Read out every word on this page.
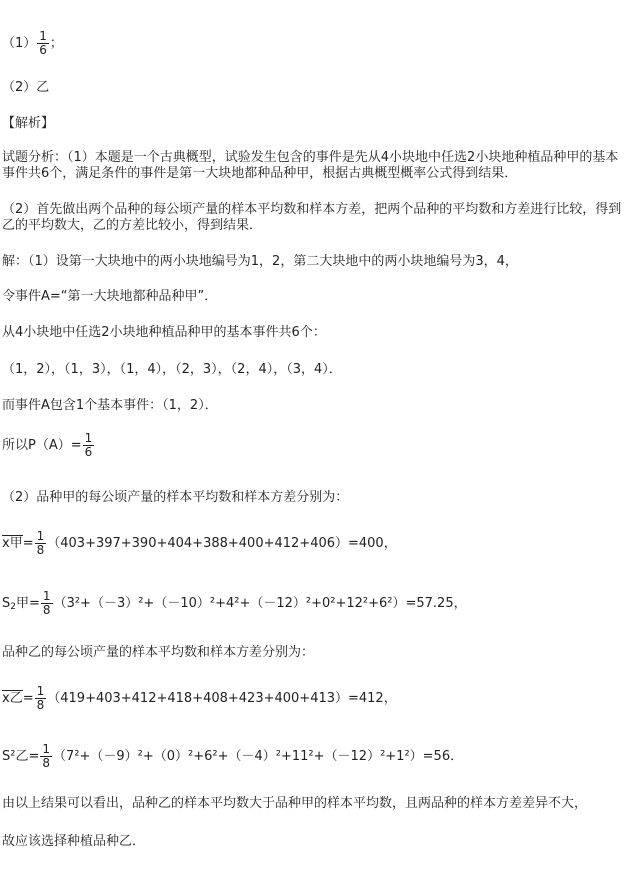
$(1) \frac{1}{6}$ ；
（2）乙
【解析】
试题分析：（1）本题是一个古典概型，试验发生包含的事件是先从4小块地中任选2小块地种植品种甲的基本事件共6个，满足条件的事件是第一大块地都种品种甲，根据古典概型概率公式得到结果．
（2）首先做出两个品种的每公顷产量的样本平均数和样本方差，把两个品种的平均数和方差进行比较，得到乙的平均数大，乙的方差比较小，得到结果．
解：（1）设第一大块地中的两小块地编号为1，2，第二大块地中的两小块地编号为3，4，
令事件A=“第一大块地都种品种甲”．
从4小块地中任选2小块地种植品种甲的基本事件共6个：
（1，2），（1，3），（1，4），（2，3），（2，4），（3，4）．
而事件A包含1个基本事件：（1，2）．
所以$P(A)= \frac{1}{6}$
（2）品种甲的每公顷产量的样本平均数和样本方差分别为：
x甲= $\frac{1}{8} (403+397+390+404+388+400+412+406)=400$，
$S_2$甲= $\frac{1}{8} (3^2+(-3)^2+(-10)^2+4^2+(-12)^2+0^2+12^2+6^2)=57.25$，
品种乙的每公顷产量的样本平均数和样本方差分别为：
x乙= $\frac{1}{8} (419+403+412+418+408+423+400+413)=412$，
S²乙= $\frac{1}{8} (7^2+(-9)^2+(0)^2+6^2+(-4)^2+11^2+(-12)^2+1^2)=56$．
由以上结果可以看出，品种乙的样本平均数大于品种甲的样本平均数，且两品种的样本方差差异不大，
故应该选择种植品种乙．
